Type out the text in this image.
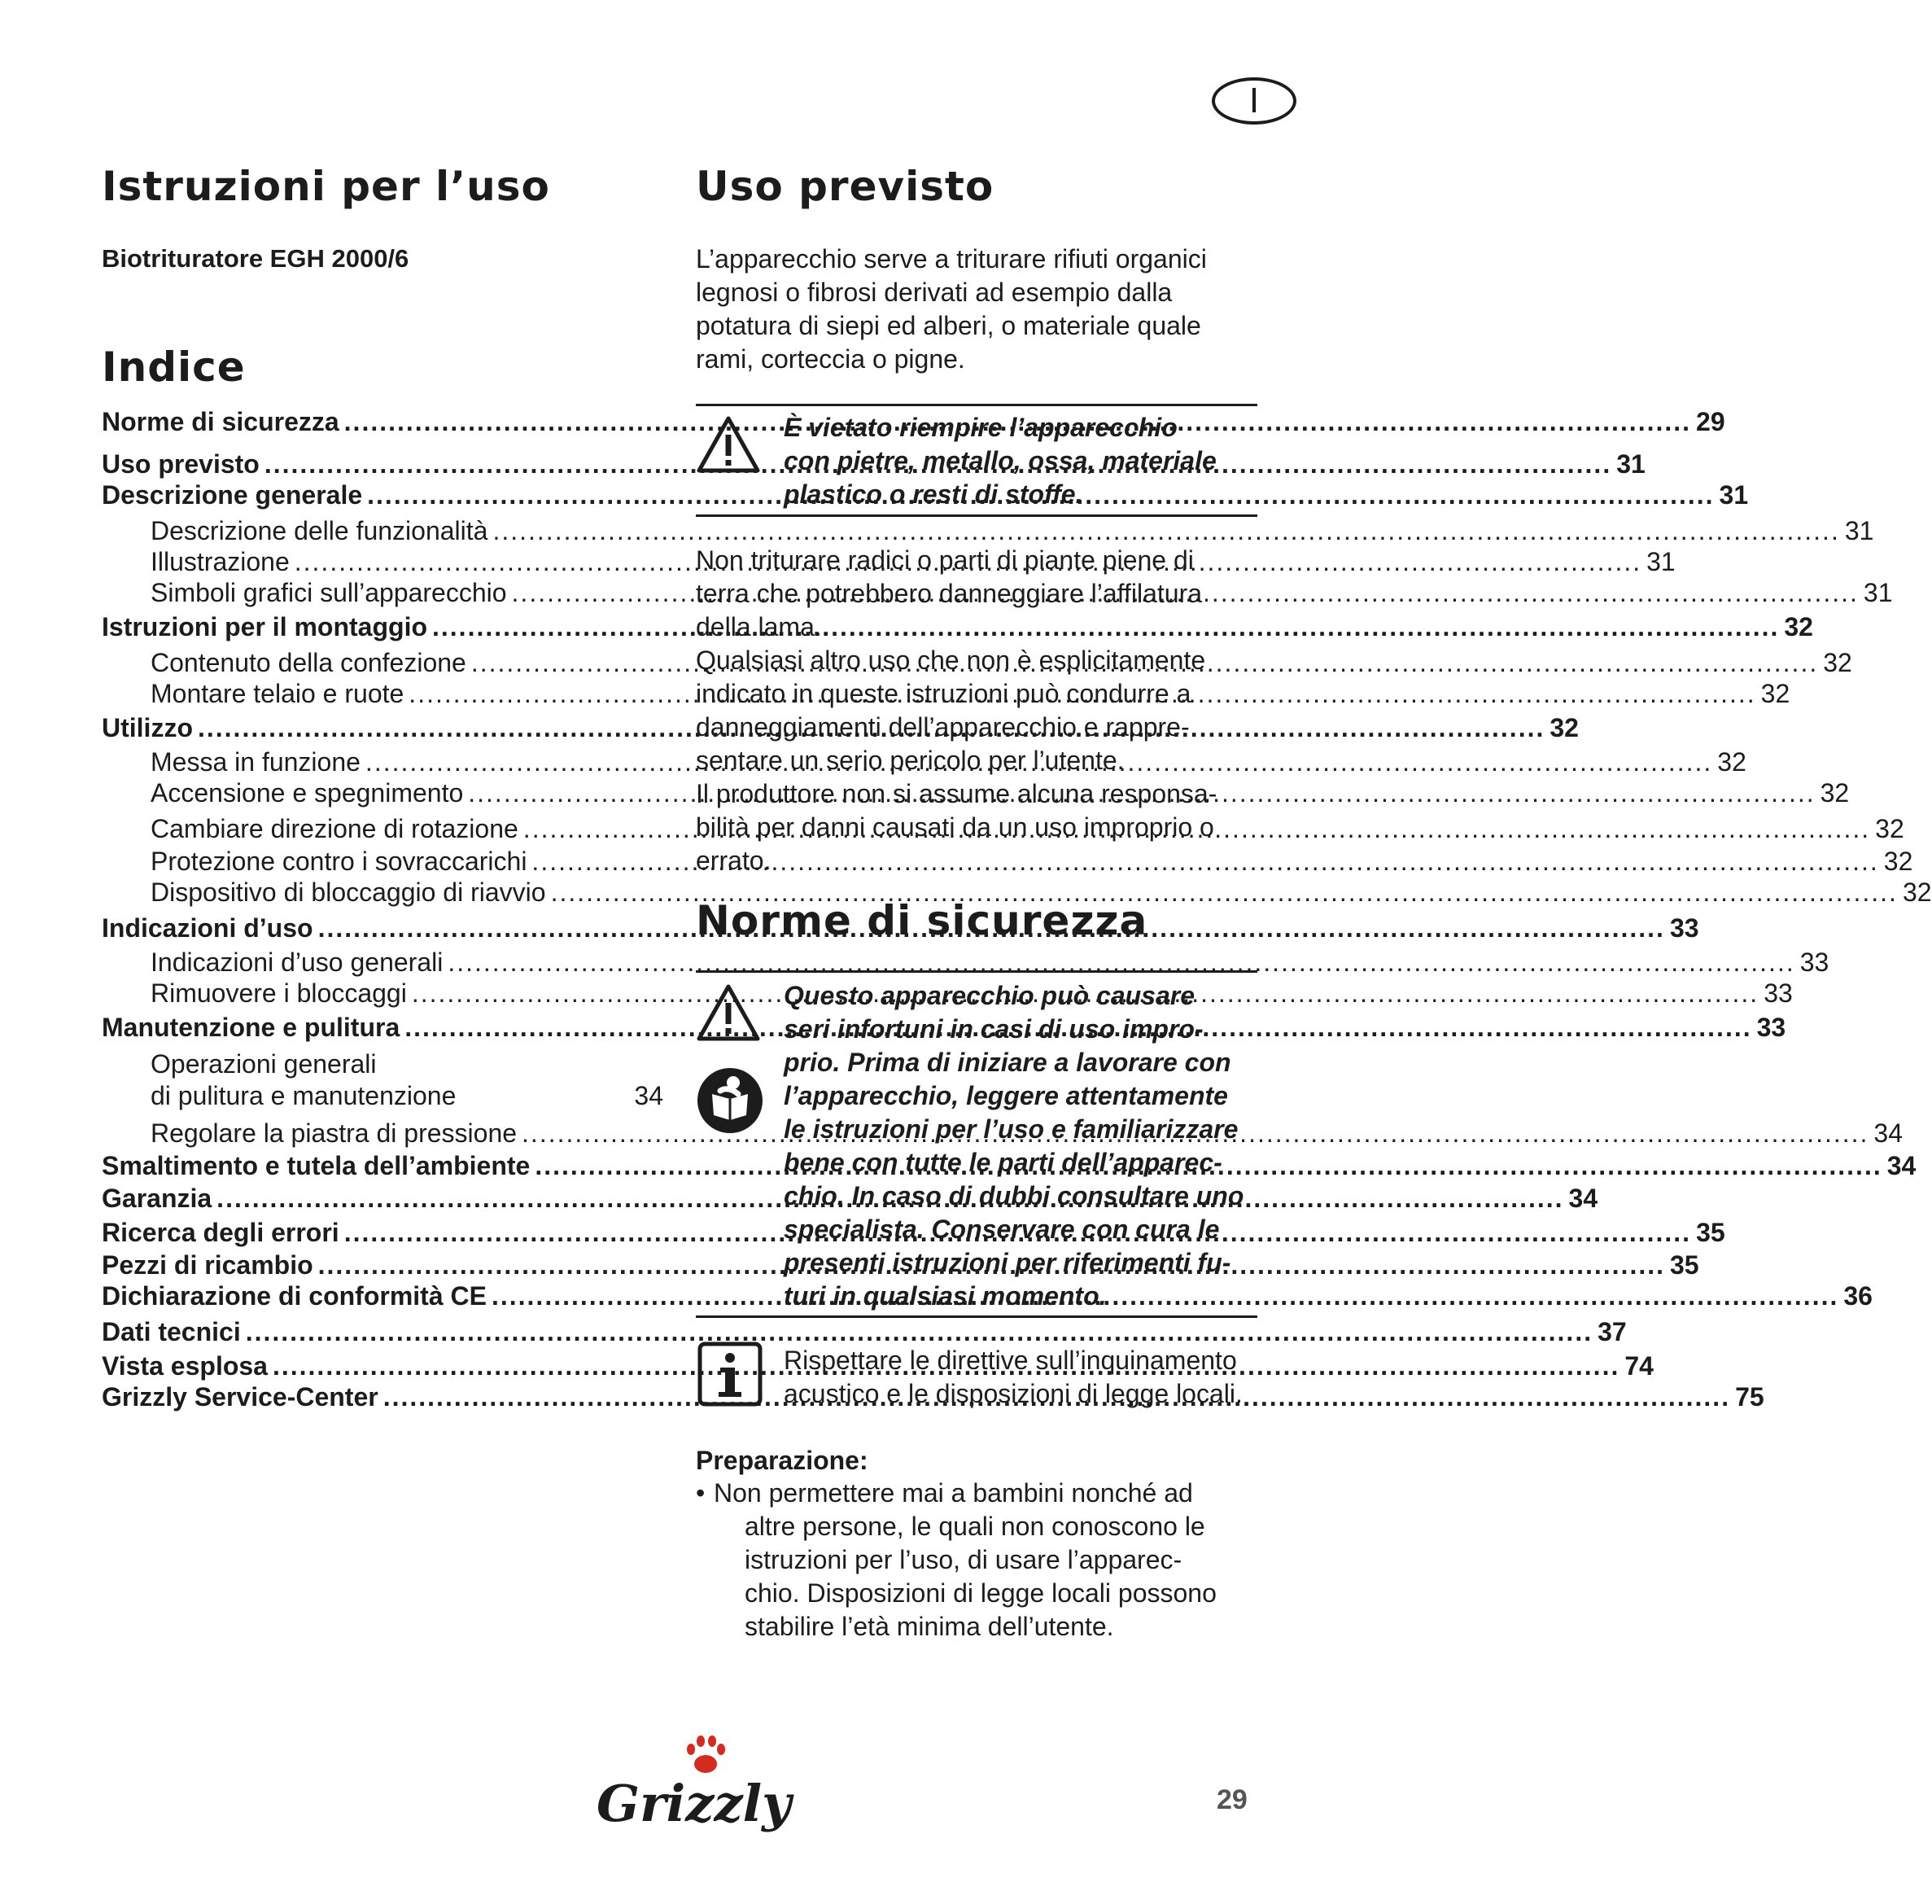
I
Istruzioni per l’uso
Biotrituratore EGH 2000/6
Indice
Norme di sicurezza .....	29
Uso previsto .....	31
Descrizione generale .....	31
Descrizione delle funzionalità .....	31
Illustrazione .....	31
Simboli grafici sull’apparecchio .....	31
Istruzioni per il montaggio .....	32
Contenuto della confezione .....	32
Montare telaio e ruote .....	32
Utilizzo .....	32
Messa in funzione .....	32
Accensione e spegnimento .....	32
Cambiare direzione di rotazione .....	32
Protezione contro i sovraccarichi .....	32
Dispositivo di bloccaggio di riavvio .....	32
Indicazioni d’uso .....	33
Indicazioni d’uso generali .....	33
Rimuovere i bloccaggi .....	33
Manutenzione e pulitura .....	33
Operazioni generali
di pulitura e manutenzione	34
Regolare la piastra di pressione .....	34
Smaltimento e tutela dell’ambiente .....	34
Garanzia .....	34
Ricerca degli errori .....	35
Pezzi di ricambio .....	35
Dichiarazione di conformità CE .....	36
Dati tecnici .....	37
Vista esplosa .....	74
Grizzly Service-Center .....	75
Uso previsto
L’apparecchio serve a triturare rifiuti organici
legnosi o fibrosi derivati ad esempio dalla
potatura di siepi ed alberi, o materiale quale
rami, corteccia o pigne.
È vietato riempire l’apparecchio
con pietre, metallo, ossa, materiale
plastico o resti di stoffe.
Non triturare radici o parti di piante piene di
terra che potrebbero danneggiare l’affilatura
della lama.
Qualsiasi altro uso che non è esplicitamente
indicato in queste istruzioni può condurre a
danneggiamenti dell’apparecchio e rappre-
sentare un serio pericolo per l’utente.
Il produttore non si assume alcuna responsa-
bilità per danni causati da un uso improprio o
errato.
Norme di sicurezza
Questo apparecchio può causare
seri infortuni in casi di uso impro-
prio. Prima di iniziare a lavorare con
l’apparecchio, leggere attentamente
le istruzioni per l’uso e familiarizzare
bene con tutte le parti dell’apparec-
chio. In caso di dubbi consultare uno
specialista. Conservare con cura le
presenti istruzioni per riferimenti fu-
turi in qualsiasi momento.
Rispettare le direttive sull’inquinamento
acustico e le disposizioni di legge locali.
Preparazione:
• Non permettere mai a bambini nonché ad
altre persone, le quali non conoscono le
istruzioni per l’uso, di usare l’apparec-
chio. Disposizioni di legge locali possono
stabilire l’età minima dell’utente.
Grizzly	29
